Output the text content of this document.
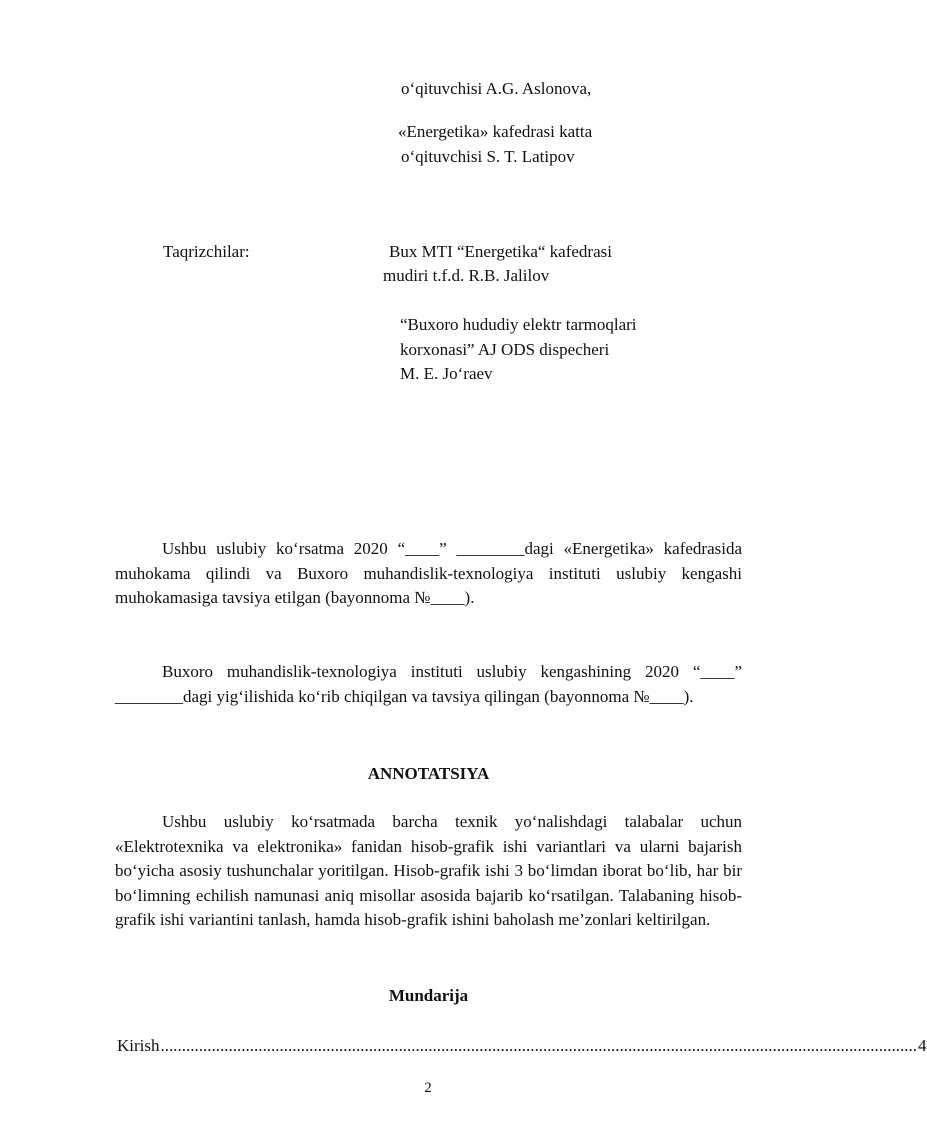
o‘qituvchisi A.G. Aslonova,
«Energetika» kafedrasi katta
o‘qituvchisi S. T. Latipov
Taqrizchilar:	Bux MTI “Energetika“ kafedrasi
mudiri t.f.d. R.B. Jalilov
“Buxoro hududiy elektr tarmoqlari
korxonasi” AJ ODS dispecheri
M. E. Jo‘raev
Ushbu uslubiy ko‘rsatma 2020 “____” ________dagi «Energetika» kafedrasida muhokama qilindi va Buxoro muhandislik-texnologiya instituti uslubiy kengashi muhokamasiga tavsiya etilgan (bayonnoma №____).
Buxoro muhandislik-texnologiya instituti uslubiy kengashining 2020 “____” ________dagi yig‘ilishida ko‘rib chiqilgan va tavsiya qilingan (bayonnoma №____).
ANNOTATSIYA
Ushbu uslubiy ko‘rsatmada barcha texnik yo‘nalishdagi talabalar uchun «Elektrotexnika va elektronika» fanidan hisob-grafik ishi variantlari va ularni bajarish bo‘yicha asosiy tushunchalar yoritilgan. Hisob-grafik ishi 3 bo‘limdan iborat bo‘lib, har bir bo‘limning echilish namunasi aniq misollar asosida bajarib ko‘rsatilgan. Talabaning hisob-grafik ishi variantini tanlash, hamda hisob-grafik ishini baholash me’zonlari keltirilgan.
Mundarija
Kirish .................................................................................................................................................................................. 4
2
